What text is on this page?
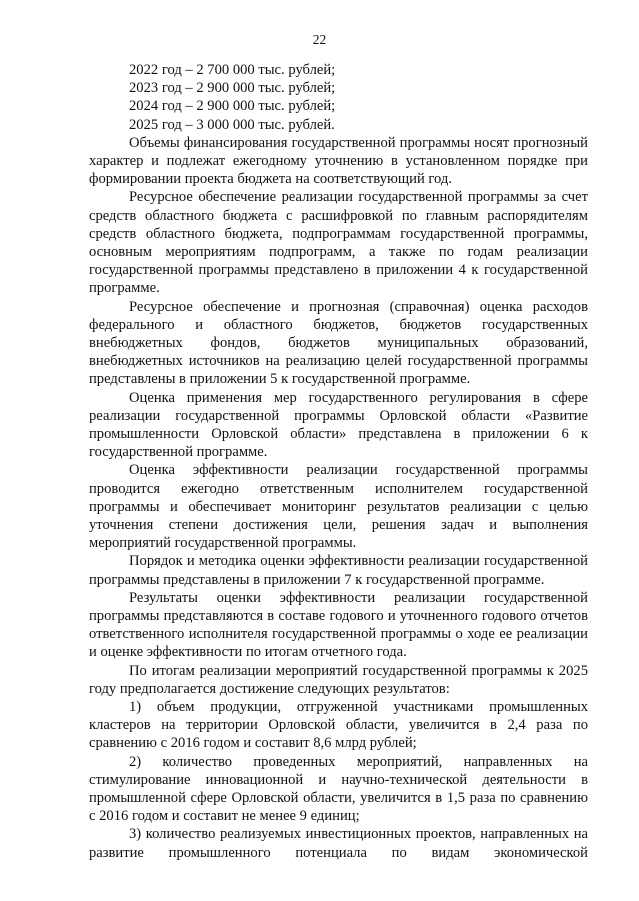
22
2022 год – 2 700 000 тыс. рублей;
2023 год – 2 900 000 тыс. рублей;
2024 год – 2 900 000 тыс. рублей;
2025 год – 3 000 000 тыс. рублей.

Объемы финансирования государственной программы носят прогнозный характер и подлежат ежегодному уточнению в установленном порядке при формировании проекта бюджета на соответствующий год.

Ресурсное обеспечение реализации государственной программы за счет средств областного бюджета с расшифровкой по главным распорядителям средств областного бюджета, подпрограммам государственной программы, основным мероприятиям подпрограмм, а также по годам реализации государственной программы представлено в приложении 4 к государственной программе.

Ресурсное обеспечение и прогнозная (справочная) оценка расходов федерального и областного бюджетов, бюджетов государственных внебюджетных фондов, бюджетов муниципальных образований, внебюджетных источников на реализацию целей государственной программы представлены в приложении 5 к государственной программе.

Оценка применения мер государственного регулирования в сфере реализации государственной программы Орловской области «Развитие промышленности Орловской области» представлена в приложении 6 к государственной программе.

Оценка эффективности реализации государственной программы проводится ежегодно ответственным исполнителем государственной программы и обеспечивает мониторинг результатов реализации с целью уточнения степени достижения цели, решения задач и выполнения мероприятий государственной программы.

Порядок и методика оценки эффективности реализации государственной программы представлены в приложении 7 к государственной программе.

Результаты оценки эффективности реализации государственной программы представляются в составе годового и уточненного годового отчетов ответственного исполнителя государственной программы о ходе ее реализации и оценке эффективности по итогам отчетного года.

По итогам реализации мероприятий государственной программы к 2025 году предполагается достижение следующих результатов:

1) объем продукции, отгруженной участниками промышленных кластеров на территории Орловской области, увеличится в 2,4 раза по сравнению с 2016 годом и составит 8,6 млрд рублей;

2) количество проведенных мероприятий, направленных на стимулирование инновационной и научно-технической деятельности в промышленной сфере Орловской области, увеличится в 1,5 раза по сравнению с 2016 годом и составит не менее 9 единиц;

3) количество реализуемых инвестиционных проектов, направленных на развитие промышленного потенциала по видам экономической
